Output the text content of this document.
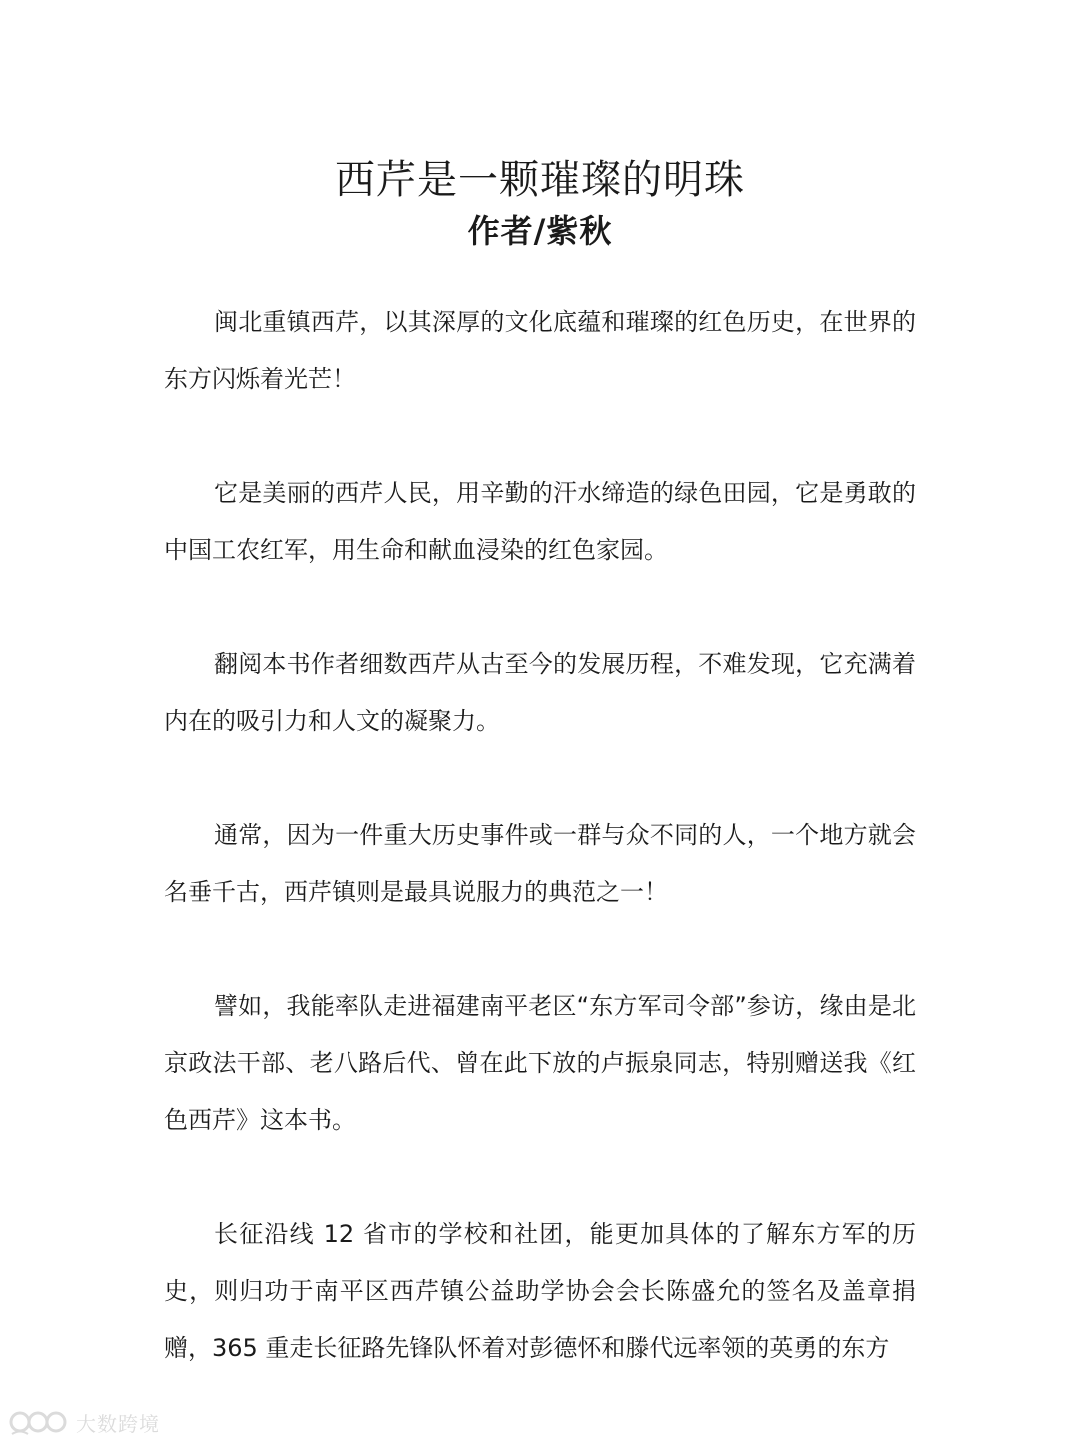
西芹是一颗璀璨的明珠
作者/紫秋

闽北重镇西芹，以其深厚的文化底蕴和璀璨的红色历史，在世界的东方闪烁着光芒！

它是美丽的西芹人民，用辛勤的汗水缔造的绿色田园，它是勇敢的中国工农红军，用生命和献血浸染的红色家园。

翻阅本书作者细数西芹从古至今的发展历程，不难发现，它充满着内在的吸引力和人文的凝聚力。

通常，因为一件重大历史事件或一群与众不同的人，一个地方就会名垂千古，西芹镇则是最具说服力的典范之一！

譬如，我能率队走进福建南平老区“东方军司令部”参访，缘由是北京政法干部、老八路后代、曾在此下放的卢振泉同志，特别赠送我《红色西芹》这本书。

长征沿线 12 省市的学校和社团，能更加具体的了解东方军的历史，则归功于南平区西芹镇公益助学协会会长陈盛允的签名及盖章捐赠，365 重走长征路先锋队怀着对彭德怀和滕代远率领的英勇的东方

大数跨境
